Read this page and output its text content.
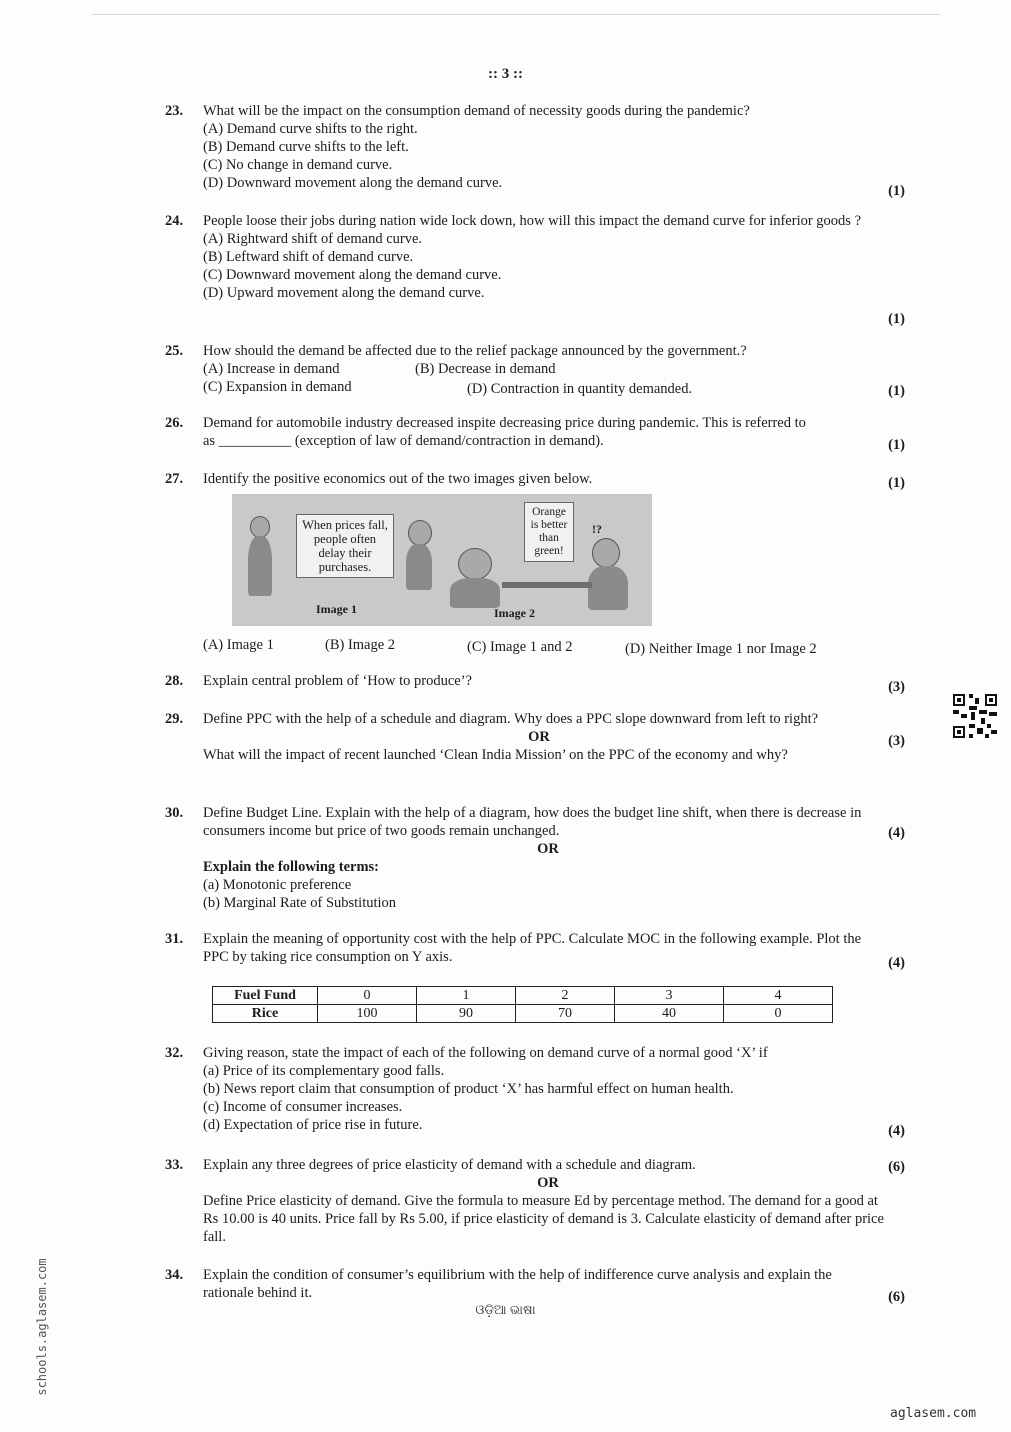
:: 3 ::
23. What will be the impact on the consumption demand of necessity goods during the pandemic?
(A) Demand curve shifts to the right.
(B) Demand curve shifts to the left.
(C) No change in demand curve.
(D) Downward movement along the demand curve.	(1)
24. People loose their jobs during nation wide lock down, how will this impact the demand curve for inferior goods ?
(A) Rightward shift of demand curve.
(B) Leftward shift of demand curve.
(C) Downward movement along the demand curve.
(D) Upward movement along the demand curve.
(1)
25. How should the demand be affected due to the relief package announced by the government.?
(A) Increase in demand	(B) Decrease in demand
(C) Expansion in demand	(D) Contraction in quantity demanded.	(1)
26. Demand for automobile industry decreased inspite decreasing price during pandemic. This is referred to
as __________ (exception of law of demand/contraction in demand).	(1)
27. Identify the positive economics out of the two images given below.	(1)
When prices fall, people often delay their purchases.
Image 1
Orange is better than green!
!?
Image 2
(A) Image 1	(B) Image 2	(C) Image 1 and 2	(D) Neither Image 1 nor Image 2
28. Explain central problem of ‘How to produce’?	(3)
29. Define PPC with the help of a schedule and diagram. Why does a PPC slope downward from left to right?
OR
What will the impact of recent launched ‘Clean India Mission’ on the PPC of the economy and why?
(3)
30. Define Budget Line. Explain with the help of a diagram, how does the budget line shift, when there is decrease in consumers income but price of two goods remain unchanged.
OR
Explain the following terms:
(a) Monotonic preference
(b) Marginal Rate of Substitution
(4)
31. Explain the meaning of opportunity cost with the help of PPC. Calculate MOC in the following example. Plot the PPC by taking rice consumption on Y axis.	(4)
Fuel Fund	0	1	2	3	4
Rice	100	90	70	40	0
32. Giving reason, state the impact of each of the following on demand curve of a normal good ‘X’ if
(a) Price of its complementary good falls.
(b) News report claim that consumption of product ‘X’ has harmful effect on human health.
(c) Income of consumer increases.
(d) Expectation of price rise in future.	(4)
33. Explain any three degrees of price elasticity of demand with a schedule and diagram.
OR
Define Price elasticity of demand. Give the formula to measure Ed by percentage method. The demand for a good at Rs 10.00 is 40 units. Price fall by Rs 5.00, if price elasticity of demand is 3. Calculate elasticity of demand after price fall.
(6)
34. Explain the condition of consumer’s equilibrium with the help of indifference curve analysis and explain the rationale behind it.	(6)
ଓଡ଼ିଆ ଭାଷା
schools.aglasem.com
aglasem.com
